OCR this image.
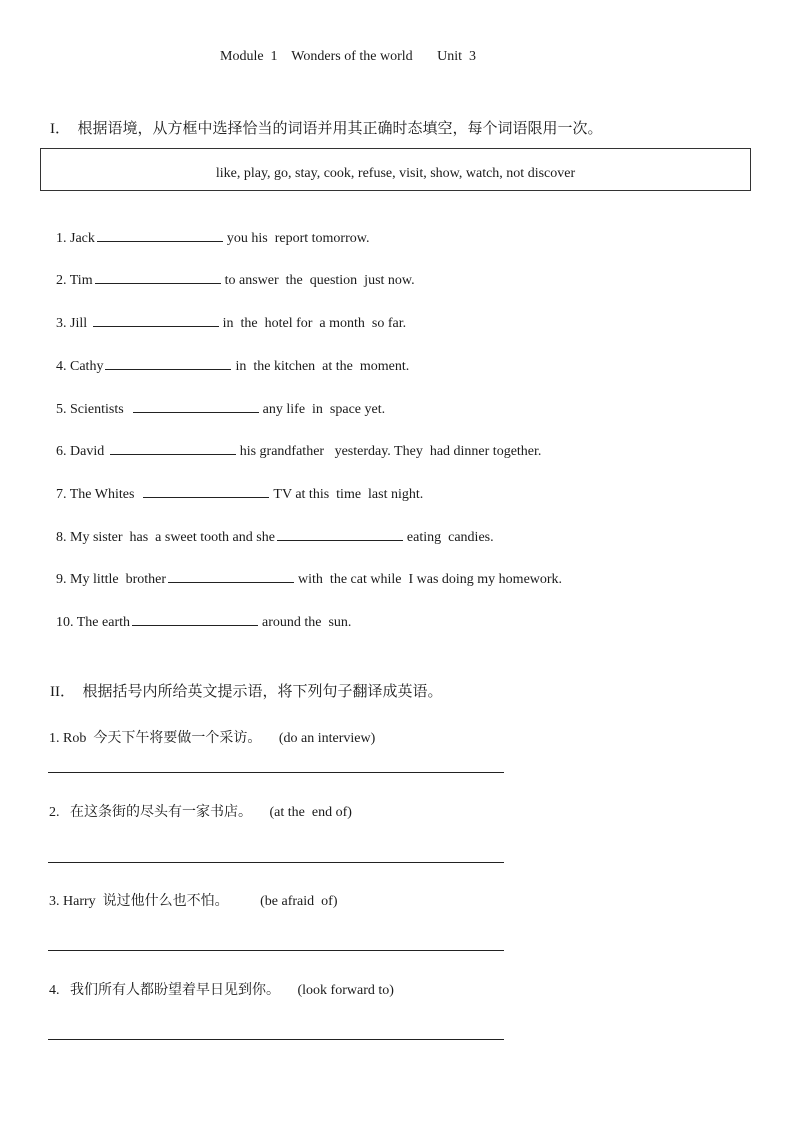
Module  1    Wonders of the world       Unit  3
I．  根据语境，从方框中选择恰当的词语并用其正确时态填空，每个词语限用一次。
like, play, go, stay, cook, refuse, visit, show, watch, not discover

1. Jack	you his  report tomorrow.

2. Tim	to answer  the  question  just now.

3. Jill	in  the  hotel for  a month  so far.

4. Cathy	in  the kitchen  at the  moment.

5. Scientists	any life  in  space yet.

6. David	his grandfather   yesterday. They  had dinner together.

7. The Whites	TV at this  time  last night.

8. My sister  has  a sweet tooth and she	eating  candies.

9. My little  brother	with  the cat while  I was doing my homework.

10. The earth	around the  sun.

II．  根据括号内所给英文提示语，将下列句子翻译成英语。
1. Rob  今天下午将要做一个采访。     (do an interview)
2.   在这条街的尽头有一家书店。     (at the  end of)
3. Harry  说过他什么也不怕。         (be afraid  of)
4.   我们所有人都盼望着早日见到你。     (look forward to)
